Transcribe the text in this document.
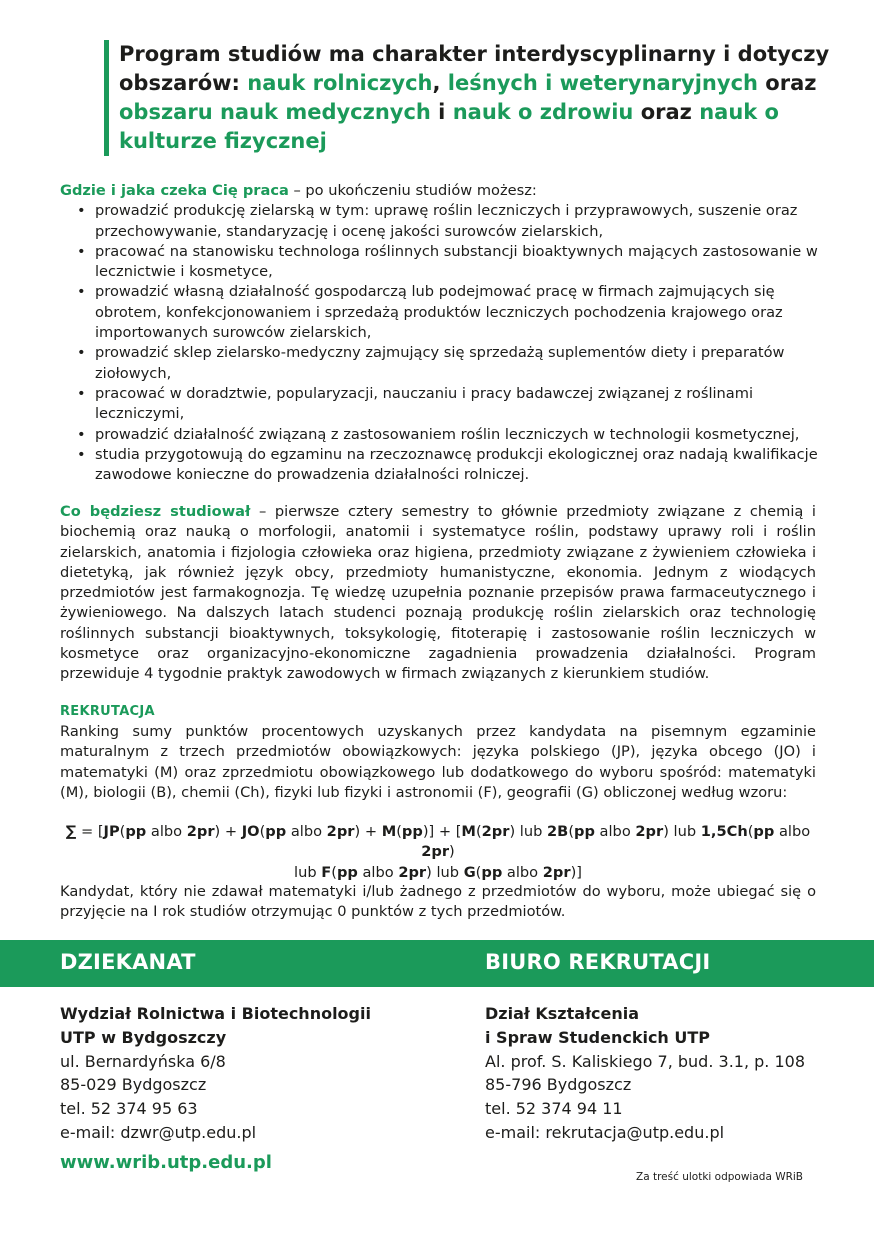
Program studiów ma charakter interdyscyplinarny i dotyczy obszarów: nauk rolniczych, leśnych i weterynaryjnych oraz obszaru nauk medycznych i nauk o zdrowiu oraz nauk o kulturze fizycznej
Gdzie i jaka czeka Cię praca – po ukończeniu studiów możesz:
• prowadzić produkcję zielarską w tym: uprawę roślin leczniczych i przyprawowych, suszenie oraz przechowywanie, standaryzację i ocenę jakości surowców zielarskich,
• pracować na stanowisku technologa roślinnych substancji bioaktywnych mających zastosowanie w lecznictwie i kosmetyce,
• prowadzić własną działalność gospodarczą lub podejmować pracę w firmach zajmujących się obrotem, konfekcjonowaniem i sprzedażą produktów leczniczych pochodzenia krajowego oraz importowanych surowców zielarskich,
• prowadzić sklep zielarsko-medyczny zajmujący się sprzedażą suplementów diety i preparatów ziołowych,
• pracować w doradztwie, popularyzacji, nauczaniu i pracy badawczej związanej z roślinami leczniczymi,
• prowadzić działalność związaną z zastosowaniem roślin leczniczych w technologii kosmetycznej,
• studia przygotowują do egzaminu na rzeczoznawcę produkcji ekologicznej oraz nadają kwalifikacje zawodowe konieczne do prowadzenia działalności rolniczej.
Co będziesz studiował – pierwsze cztery semestry to głównie przedmioty związane z chemią i biochemią oraz nauką o morfologii, anatomii i systematyce roślin, podstawy uprawy roli i roślin zielarskich, anatomia i fizjologia człowieka oraz higiena, przedmioty związane z żywieniem człowieka i dietetyką, jak również język obcy, przedmioty humanistyczne, ekonomia. Jednym z wiodących przedmiotów jest farmakognozja. Tę wiedzę uzupełnia poznanie przepisów prawa farmaceutycznego i żywieniowego. Na dalszych latach studenci poznają produkcję roślin zielarskich oraz technologię roślinnych substancji bioaktywnych, toksykologię, fitoterapię i zastosowanie roślin leczniczych w kosmetyce oraz organizacyjno-ekonomiczne zagadnienia prowadzenia działalności. Program przewiduje 4 tygodnie praktyk zawodowych w firmach związanych z kierunkiem studiów.
REKRUTACJA
Ranking sumy punktów procentowych uzyskanych przez kandydata na pisemnym egzaminie maturalnym z trzech przedmiotów obowiązkowych: języka polskiego (JP), języka obcego (JO) i matematyki (M) oraz zprzedmiotu obowiązkowego lub dodatkowego do wyboru spośród: matematyki (M), biologii (B), chemii (Ch), fizyki lub fizyki i astronomii (F), geografii (G) obliczonej według wzoru:
∑ = [JP(pp albo 2pr) + JO(pp albo 2pr) + M(pp)] + [M(2pr) lub 2B(pp albo 2pr) lub 1,5Ch(pp albo 2pr)
lub F(pp albo 2pr) lub G(pp albo 2pr)]
Kandydat, który nie zdawał matematyki i/lub żadnego z przedmiotów do wyboru, może ubiegać się o przyjęcie na I rok studiów otrzymując 0 punktów z tych przedmiotów.
DZIEKANAT	BIURO REKRUTACJI
Wydział Rolnictwa i Biotechnologii
UTP w Bydgoszczy
ul. Bernardyńska 6/8
85-029 Bydgoszcz
tel. 52 374 95 63
e-mail: dzwr@utp.edu.pl
Dział Kształcenia
i Spraw Studenckich UTP
Al. prof. S. Kaliskiego 7, bud. 3.1, p. 108
85-796 Bydgoszcz
tel. 52 374 94 11
e-mail: rekrutacja@utp.edu.pl
www.wrib.utp.edu.pl
Za treść ulotki odpowiada WRiB
